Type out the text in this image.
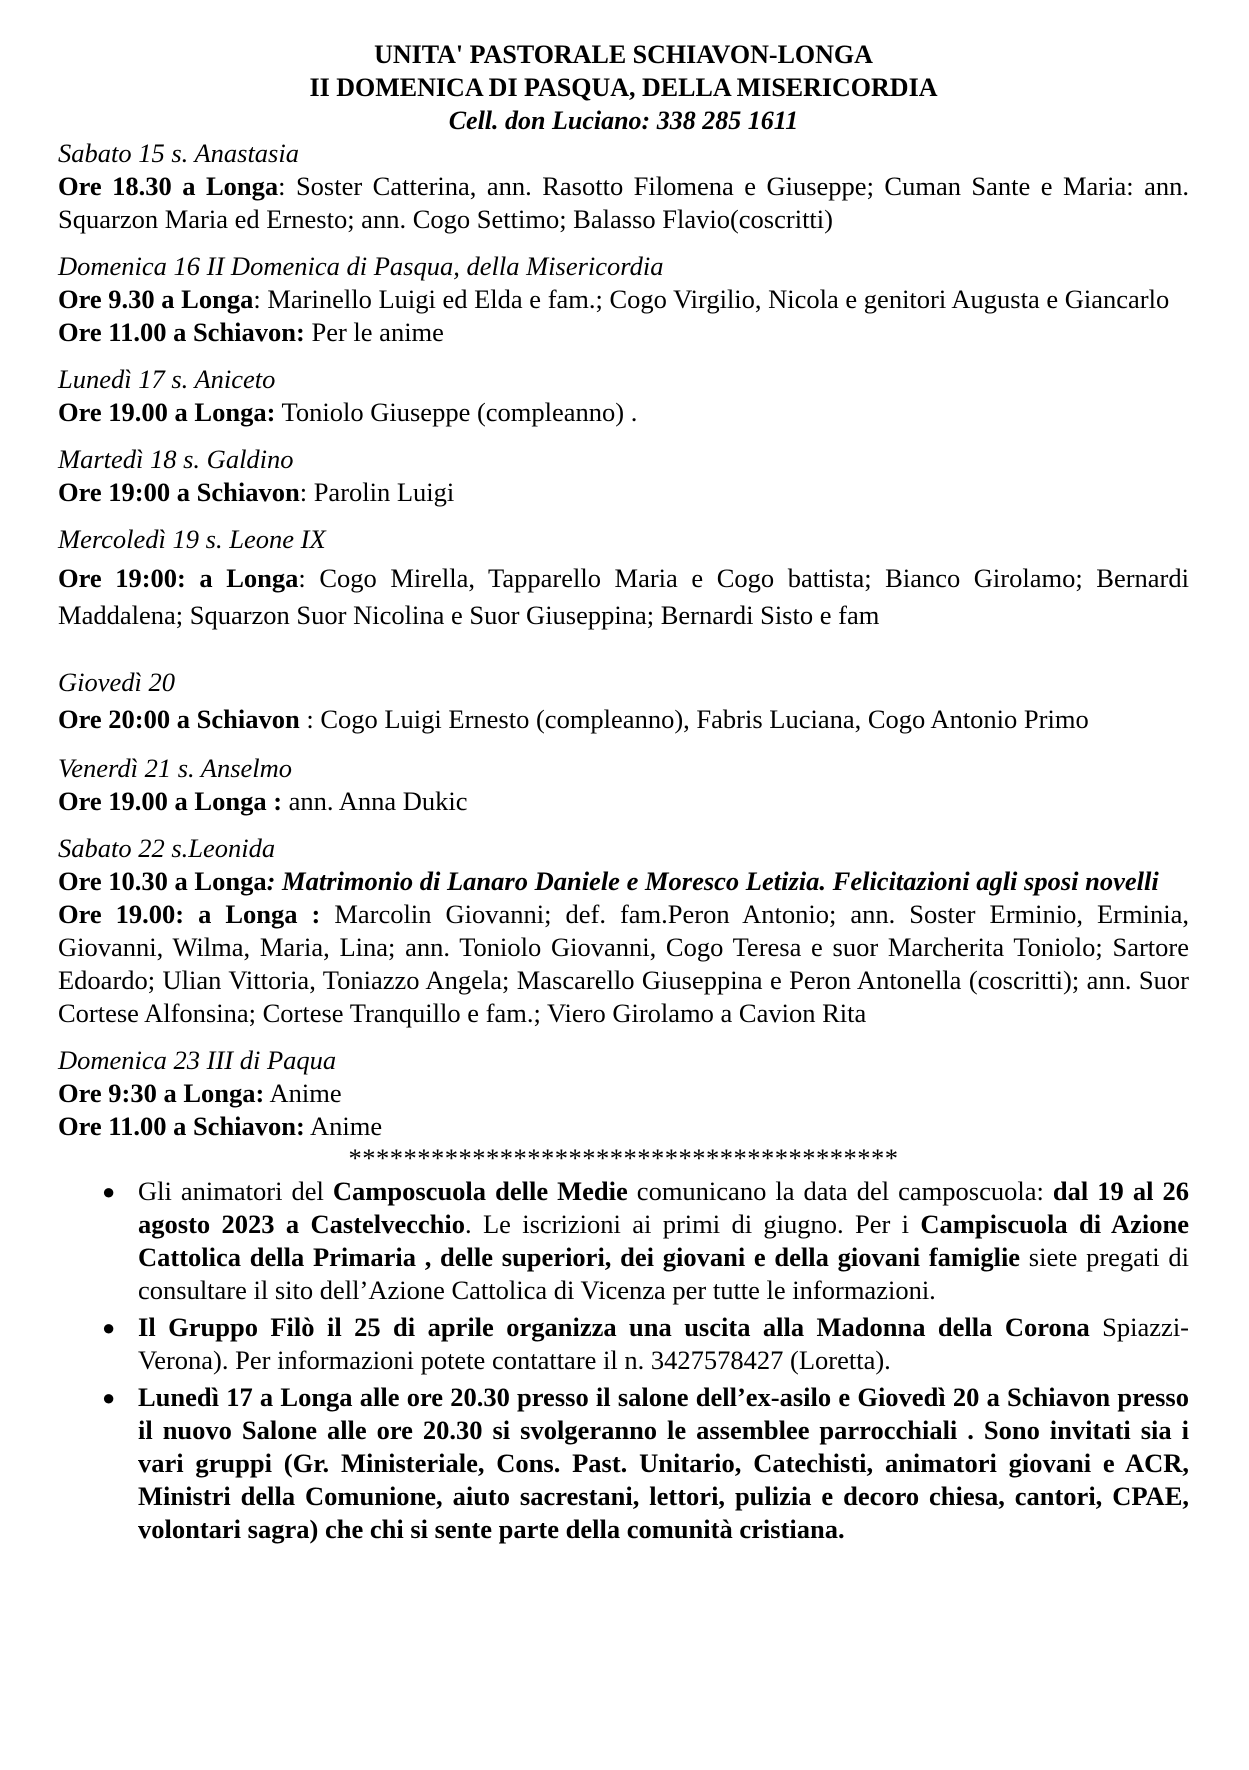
UNITA' PASTORALE SCHIAVON-LONGA
II DOMENICA DI PASQUA, DELLA MISERICORDIA
Cell. don Luciano: 338 285 1611
Sabato 15 s. Anastasia
Ore 18.30 a Longa: Soster Catterina, ann. Rasotto Filomena e Giuseppe; Cuman Sante e Maria: ann. Squarzon Maria ed Ernesto; ann. Cogo Settimo; Balasso Flavio(coscritti)
Domenica 16 II Domenica di Pasqua, della Misericordia
Ore 9.30 a Longa: Marinello Luigi ed Elda e fam.; Cogo Virgilio, Nicola e genitori Augusta e Giancarlo
Ore 11.00 a Schiavon: Per le anime
Lunedì 17 s. Aniceto
Ore 19.00 a Longa: Toniolo Giuseppe (compleanno) .
Martedì 18 s. Galdino
Ore 19:00 a Schiavon: Parolin Luigi
Mercoledì 19 s. Leone IX
Ore 19:00: a Longa: Cogo Mirella, Tapparello Maria e Cogo battista; Bianco Girolamo; Bernardi Maddalena; Squarzon Suor Nicolina e Suor Giuseppina; Bernardi Sisto e fam
Giovedì 20
Ore 20:00 a Schiavon : Cogo Luigi Ernesto (compleanno), Fabris Luciana, Cogo Antonio Primo
Venerdì 21 s. Anselmo
Ore 19.00 a Longa : ann. Anna Dukic
Sabato 22 s.Leonida
Ore 10.30 a Longa: Matrimonio di Lanaro Daniele e Moresco Letizia. Felicitazioni agli sposi novelli
Ore 19.00: a Longa : Marcolin Giovanni; def. fam.Peron Antonio; ann. Soster Erminio, Erminia, Giovanni, Wilma, Maria, Lina; ann. Toniolo Giovanni, Cogo Teresa e suor Marcherita Toniolo; Sartore Edoardo; Ulian Vittoria, Toniazzo Angela; Mascarello Giuseppina e Peron Antonella (coscritti); ann. Suor Cortese Alfonsina; Cortese Tranquillo e fam.; Viero Girolamo a Cavion Rita
Domenica 23 III di Paqua
Ore 9:30 a Longa: Anime
Ore 11.00 a Schiavon: Anime
****************************************
● Gli animatori del Camposcuola delle Medie comunicano la data del camposcuola: dal 19 al 26 agosto 2023 a Castelvecchio. Le iscrizioni ai primi di giugno. Per i Campiscuola di Azione Cattolica della Primaria , delle superiori, dei giovani e della giovani famiglie siete pregati di consultare il sito dell’Azione Cattolica di Vicenza per tutte le informazioni.
● Il Gruppo Filò il 25 di aprile organizza una uscita alla Madonna della Corona Spiazzi-Verona). Per informazioni potete contattare il n. 3427578427 (Loretta).
● Lunedì 17 a Longa alle ore 20.30 presso il salone dell’ex-asilo e Giovedì 20 a Schiavon presso il nuovo Salone alle ore 20.30 si svolgeranno le assemblee parrocchiali . Sono invitati sia i vari gruppi (Gr. Ministeriale, Cons. Past. Unitario, Catechisti, animatori giovani e ACR, Ministri della Comunione, aiuto sacrestani, lettori, pulizia e decoro chiesa, cantori, CPAE, volontari sagra) che chi si sente parte della comunità cristiana.
